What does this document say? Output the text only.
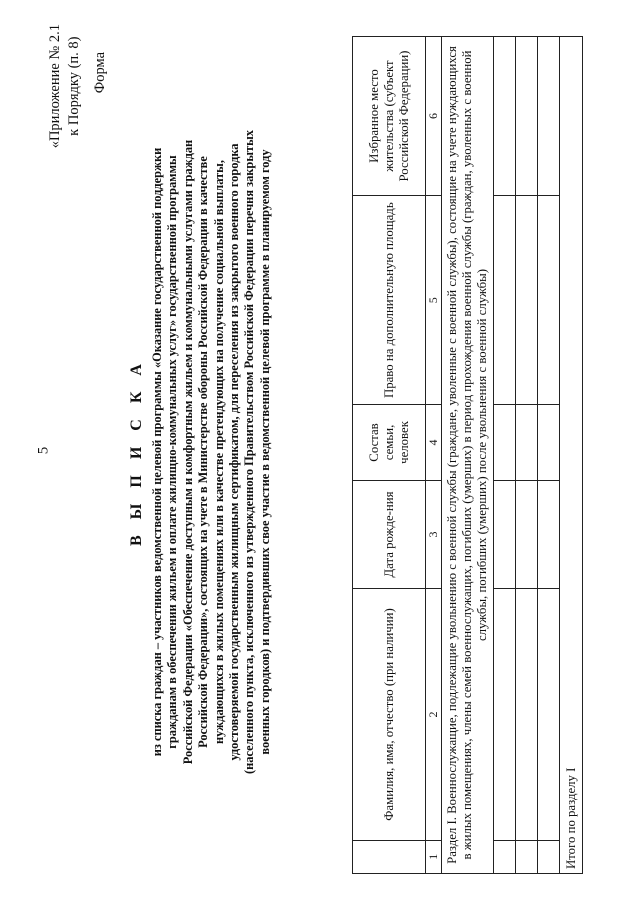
5
«Приложение № 2.1 к Порядку (п. 8) Форма
В Ы П И С К А из списка граждан – участников ведомственной целевой программы «Оказание государственной поддержки гражданам в обеспечении жильем и оплате жилищно-коммунальных услуг» государственной программы Российской Федерации «Обеспечение доступным и комфортным жильем и коммунальными услугами граждан Российской Федерации», состоящих на учете в Министерстве обороны Российской Федерации в качестве нуждающихся в жилых помещениях или в качестве претендующих на получение социальной выплаты, удостоверяемой государственным жилищным сертификатом, для переселения из закрытого военного городка (населенного пункта, исключенного из утвержденного Правительством Российской Федерации перечня закрытых военных городков) и подтвердивших свое участие в ведомственной целевой программе в планируемом году
		Фамилия, имя, отчество (при наличии)	Дата рожде-ния	Состав семьи, человек	Право на дополнительную площадь	Избранное место жительства (субъект Российской Федерации)
1	2	3	4	5	6
Раздел I. Военнослужащие, подлежащие увольнению с военной службы (граждане, уволенные с военной службы), состоящие на учете нуждающихся в жилых помещениях, члены семей военнослужащих, погибших (умерших) в период прохождения военной службы (граждан, уволенных с военной службы, погибших (умерших) после увольнения с военной службы)					

Итого по разделу I					
